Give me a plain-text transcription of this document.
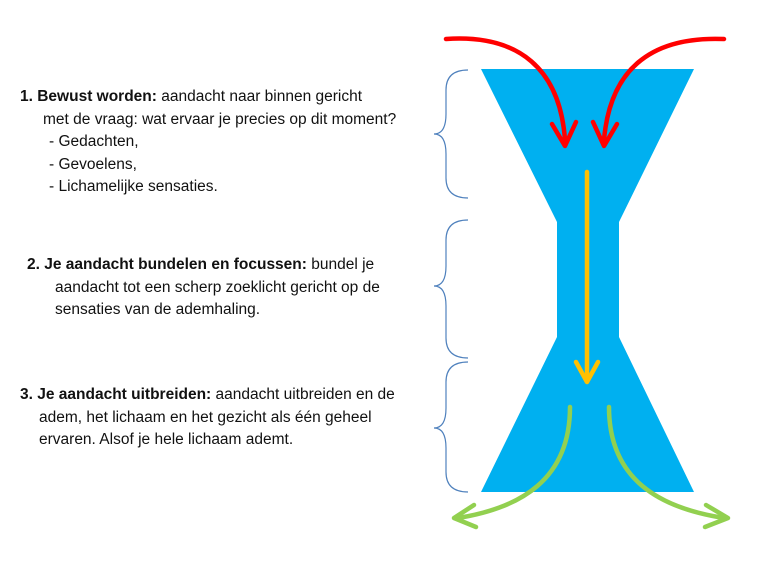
1. Bewust worden: aandacht naar binnen gericht
met de vraag: wat ervaar je precies op dit moment?
- Gedachten,
- Gevoelens,
- Lichamelijke sensaties.
2. Je aandacht bundelen en focussen: bundel je
aandacht tot een scherp zoeklicht gericht op de
sensaties van de ademhaling.
3. Je aandacht uitbreiden: aandacht uitbreiden en de
adem, het lichaam en het gezicht als één geheel
ervaren. Alsof je hele lichaam ademt.
